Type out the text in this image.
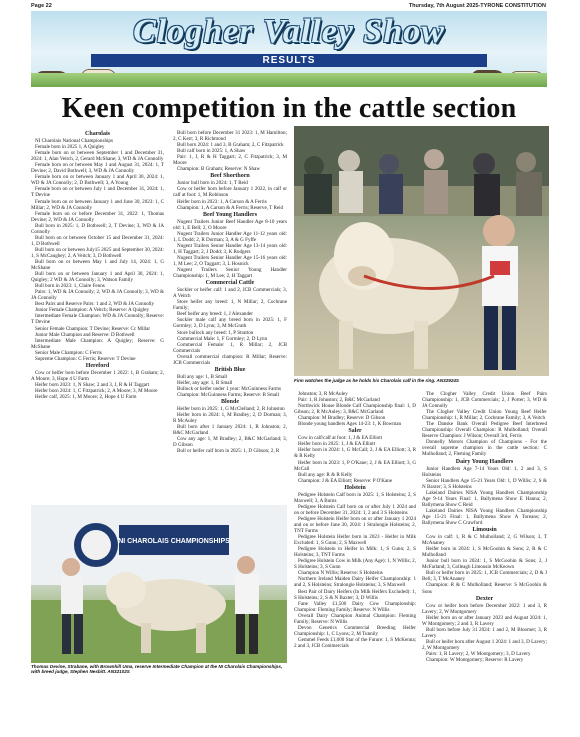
Page 22	Thursday, 7th August 2025-TYRONE CONSTITUTION
Clogher Valley Show
RESULTS
Keen competition in the cattle section
Charolais

NI Charolais National Championships

Female born in 2025 1, A Quigley

Female born on or between September 1 and December 31, 2024: 1, Alan Veitch, 2, Gerard McShane; 3, WD & JA Connolly

Female born on or between May 1 and August 31, 2024: 1, T Devine; 2, David Bothwell; 3, WD & JA Connolly

Female born on or between January 1 and April 30, 2024: 1, WD & JA Connolly; 2, D Bothwell; 3, A Young

Female born on or between July 1 and December 31, 2024: 1, T Devine

Female born on or between January 1 and June 30, 2023: 1, C Millar; 2, WD & JA Connolly

Female born on or before December 31, 2022: 1, Thomas Devine; 2, WD & JA Connolly

Bull born in 2025: 1, D Bothwell; 2, T Devine; 3, WD & JA Connolly

Bull born on or between October 15 and December 31, 2024: 1, D Bothwell

Bull born on or between July15 2025 and September 30, 2024: 1, S McCaughey; 2, A Veitch; 3, D Bothwell

Bull born on or between May 1 and July 14, 2024: 1, G McShane

Bull born on or between January 1 and April 30, 2024: 1, Quigley; 2 WD & JA Connolly; 3, Watson Family

Bull born in 2023: 1, Claire Fenns

Pairs: 1, WD & JA Connolly; 2, WD & JA Connolly; 3, WD & JA Connolly

Best Pairs and Reserve Pairs: 1 and 2, WD & JA Connolly

Junior Female Champion: A Veitch; Reserve: A Quigley

Intermediate Female Champion: WD & JA Connolly; Reserve: T Devine

Senior Female Champion: T Devine; Reserve: Cc Millar

Junior Male Champion and Reserve: D Bothwell

Intermediate Male Champion: A Quigley; Reserve: G McShane

Senior Male Champion: C Ferris

Supreme Champion: C Ferris; Reserve: T Devine

Hereford

Cow or heifer born before December 1 2022: 1, B Graham; 2, A Moore; 3, Hope 4 U Farm

Heifer born 2023: 1, N Shaw; 2 and 3, J, R & H Taggart

Heifer born 2024: 1, C Fitzpatrick; 2, A Moore; 3, M Moore

Heifer calf, 2025: 1, M Moore; 2, Hope 4 U Farm

Bull born before December 31 2023: 1, M Hamilton; 2, C Kerr; 3, R Richmond

Bull born 2024: 1 and 3, B Graham; 2, C Fitzpatrick

Bull calf born in 2025: 1, A Shaw

Pair: 1, J, R & H Taggart; 2, C Fitzpatrick; 3, M Moore

Champion: B Graham; Reserve: N Shaw

Beef Shorthorn

Junior bull born in 2024: 1, T Reid

Cow or heifer born before January 1 2022, in calf or calf at foot: 1, M Robinson

Heifer born in 2023: 1, A Carson & A Ferris

Champion: 1, A Carson & A Ferris; Reserve, T Reid

Beef Young Handlers

Nugent Trailers Junior Beef Handler Age 8-10 years old: 1, E Bell; 2, O Moore

Nugent Trailers Junior Handler Age 11-12 years old: 1, L Dodd; 2, R Dorman; 3, A & G Fyffe

Nugent Trailers Senior Handler Age 13-14 years old: 1, H Taggart; 2, J Dodd; 3, K Rodgers

Nugent Trailers Senior Handler Age 15-16 years old: 1, M Lee; 2, O Taggart; 3, L Hosnick

Nugent Trailers Senior Young Handler Championship: 1, M Lee; 2, H Taggart

Commercial Cattle

Suckler or heifer calf: 1 and 2, JCB Commercials; 3, A Veitch

Store heifer any breed: 1, N Millar; 2, Cochrane Family;

Beef heifer any breed: 1, J Alexander

Suckler male calf any breed born in 2025: 1, F Gormley; 2, D Lynn; 3, M McGrath

Store bullock any breed: 1, P Stratton

Commercial Male: 1, F Gormley; 2, D Lynn

Commercial Female: 1, R Millar; 2, JCB Commercials

Overall commercial champion: R Millar; Reserve: JCB Commercials

British Blue

Bull any age: 1, B Small

Heifer, any age: 1, B Small

Bullock or heifer under 1 year: McGuinness Farms

Champion: McGuinness Farms; Reserve: B Small

Blonde

Heifer born in 2025: 1, G McClelland; 2, R Johnston

Heifer born in 2024: 1, M Bradley; 2, D Dorman; 3, R McAuley

Bull born after 1 January 2024: 1, R Johnston; 2, B&C McGarland

Cow any age: 1, M Bradley; 2, B&C McGarland; 3, D Gibson

Bull or heifer calf born in 2025: 1, D Gibson; 2, R

Finn watches the judge as he holds his Charolais calf in the ring. AN32924S

Johnston; 3, R McAuley

Pair: 1, R Johnston; 2, B&C McGarland

Northwick House Blonde Calf Championship final: 1, D Gibson; 2, R McAuley; 3, B&C McGarland

Champion: M Bradley; Reserve: D Gibson

Blonde young handlers Ages 14-23: 1, K Bowman

Saler

Cow in calf/calf at foot: 1, J & EA Elliott

Heifer born in 2025: 1, J & EA Elliott

Heifer born in 2024: 1, G McCall; 2, J & EA Elliott; 3, R & R Kelly

Heifer born in 2023: 1, P O'Kane; 2, J & EA Elliott; 3, G McCall

Bull any age: R & R Kelly

Champion: J & EA Elliott; Reserve: P O'Kane

Holstein

Pedigree Holstein Calf born in 2025: 1, S Holsteins; 2, S Maxwell; 3, A Burns

Pedigree Holstein Calf born on or after July 1 2024 and on or before December 31, 2024: 1, 2 and 3 S Holsteins

Pedigree Holstein Heifer born on or after January 1 2024 and on or before June 30, 2024: 1 Stralongie Holsteins; 2, TNT Farms

Pedigree Holstein Heifer born in 2023 - Heifer in Milk Excluded: 1, S Gunn; 2, S Maxwell

Pedigree Holstein in Heifer in Milk: 1, S Gunn; 2, S Holsteins; 3, TNT Farms

Pedigree Holstein Cow in Milk (Any Age): 1, N Willis; 2, S Holsteins; 3, S Gunn

Champion N Willis; Reserve: S Holsteins

Northern Ireland Maiden Dairy Heifer Championship: 1 and 2, S Holsteins; Stralongie Holsteins; 3, S Maxwell

Best Pair of Dairy Heifers (In Milk Heifers Excluded): 1, S Holsteins; 2, S & N Baxter; 3, D Willis

Fane Valley £1,500 Dairy Cow Championship: Champion: Fleming Family; Reserve: N Willis

Overall Dairy Champion Animal Champion: Fleming Family; Reserve: N Willis

Devon Genetics Commercial Breeding Heifer Championship: 1, C Lyons; 2, M Tunnily

Gemmel Feeds £1,000 Star of the Future: 1, S McKenna; 2 and 3, JCB Commercials

The Clogher Valley Credit Union Beef Pairs Championship: 1, JCB Commercials; 2, J Porter; 3, WD & JA Connolly

The Clogher Valley Credit Union Young Beef Heifer Championship: 1, R Millar; 2, Cochrane Family; 3, A Veitch

The Danske Bank Overall Pedigree Beef Interbreed Championship: Overall Champion: R Mulholland; Overall Reserve Champion: J Wilson; Overall 3rd, Ferris

Donnelly Motors Champion of Champions - For the overall supreme champion in the cattle section: C Mulholland; 2, Fleming Family

Dairy Young Handlers

Junior Handlers Age 7-14 Years Old: 1, 2 and 3, S Holsteins

Senior Handlers Age 15-21 Years Old: 1, D Willis; 2, S & N Baxter; 3, S Holsteins

Lakeland Dairies NISA Young Handlers Championship Age 9-14 Years Final: 1, Ballymena Show E Hanna; 2, Ballymena Show C Reid

Lakeland Dairies NISA Young Handlers Championship Age 15-21 Final: 1, Ballymena Show A Toreans; 2, Ballymena Show C Crawford

Limousin

Cow in calf: 1, R & C Mulholland; 2, G Wilson; 3, T McAnaney

Heifer born in 2024: 1, S McGoohin & Sons; 2, R & C Mulholland

Junior bull born in 2024: 1, S McGoohin & Sons; 2, J McFarland; 3, Colleagh Limousin McKeown

Bull or heifer born in 2025: 1, JCB Commercials; 2, D & J Bell; 3, T McAnaney

Champion: R & C Mulholland; Reserve: S McGoohin & Sons

Dexter

Cow or heifer born before December 2022: 1 and 3, R Lavery; 2, W Montgomery

Heifer born on or after January 2023 and August 2024: 1, W Montgomery; 2 and 3, R Lavery

Bull born before July 31 2024: 1 and 2, M Bloomer; 3, R Lavery

Bull or heifer born after August 1 2024: 1 and 3, D Lavery; 2, W Montgomery

Pairs: 1, R Lavery; 2, W Montgomery; 3, D Lavery

Champion: W Montgomery; Reserve: R Lavery

NI CHAROLAIS CHAMPIONSHIPS
Thomas Devine, Strabane, with Brownhill Uma, reserve Intermediate Champion at the NI Charolais Championships, with breed judge, Stephen Nesbitt. AN32102S
